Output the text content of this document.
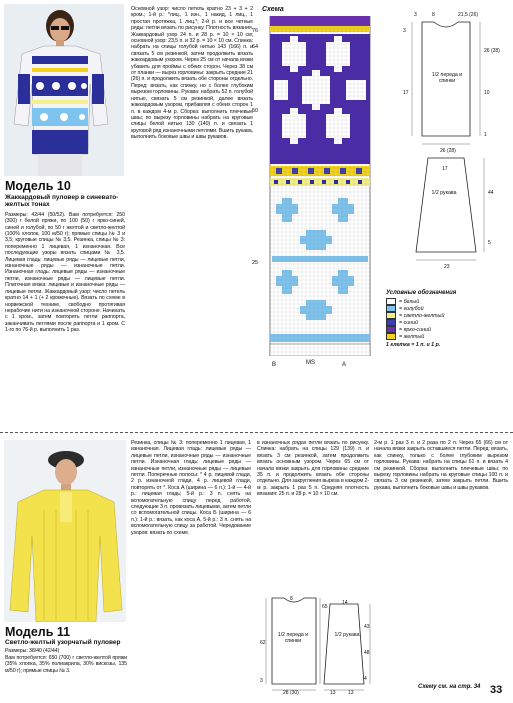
Модель 10
Жаккардовый пуловер в синевато-желтых тонах
Размеры: 42/44 (50/52). Вам потребуется: 250 (300) г белой пряжи, по 100 (50) г ярко-синей, синей и голубой, по 50 г желтой и светло-желтой (100% хлопок, 100 м/50 г); прямые спицы № 3 и 3,5; круговые спицы № 3,5. Резинка, спицы № 3: попеременно 1 лицевая, 1 изнаночная. Все последующие узоры вязать спицами № 3,5. Лицевая гладь: лицевые ряды — лицевые петли, изнаночные ряды — изнаночные петли. Изнаночная гладь: лицевые ряды — изнаночные петли, изнаночные ряды — лицевые петли. Платочная вязка: лицевые и изнаночные ряды — лицевые петли. Жаккардовый узор: число петель кратно 14 + 1 (+ 2 кромочные). Вязать по схеме в норвежской технике, свободно протягивая нерабочие нити на изнаночной стороне. Начинать с 1 кром., затем повторять петли раппорта, заканчивать петлями после раппорта и 1 кром. С 1-го по 76-й р. выполнить 1 раз.
Основной узор: число петель кратно 23 + 3 + 2 кром.; 1-й р.: *лиц., 1 изн., 1 накид, 1 лиц., 1 простая протяжка, 1 лиц.*; 2-й р. и все четные ряды: петли вязать по рисунку. Плотность вязания. Жаккардовый узор 24 п. и 28 р. = 10 × 10 см; основной узор: 23,5 п. и 32 р. = 10 × 10 см. Спинка: набрать на спицы голубой нитью 143 (166) п. и связать 5 см резинкой, затем продолжить вязать жаккардовым узором. Через 25 см от начала вязки убавить для проймы с обеих сторон. Через 38 см от планки — вырез горловины: закрыть средние 21 (26) п. и продолжить вязать обе стороны отдельно. Перед: вязать, как спинку, но с более глубоким вырезом горловины. Рукава: набрать 52 п. голубой нитью, связать 5 см резинкой, далее вязать жаккардовым узором, прибавляя с обеих сторон 1 п. в каждом 4-м р. Сборка: выполнить плечевые швы; по вырезу горловины набрать на круговые спицы белой нитью 130 (140) п. и связать 1 круговой ряд изнаночными петлями. Вшить рукава, выполнить боковые швы и швы рукавов.
Схема
76
64
50
25
B	MS	A
3	8	21,5 (26)
26 (28)
10
1
3
17
1/2 переда и спинки
26 (28)
17
1/2 рукава	44
5
23
Условные обозначения
= белый
= голубой
= светло-желтый
= синий
= ярко-синий
= желтый
1 клетка = 1 п. и 1 р.
Модель 11
Светло-желтый узорчатый пуловер
Размеры: 38/40 (42/44)
Вам потребуется: 650 (700) г светло-желтой пряжи (35% хлопка, 35% полиакрила, 30% вискозы, 135 м/50 г); прямые спицы № 3.
Резинка, спицы № 3: попеременно 1 лицевая, 1 изнаночная. Лицевая гладь: лицевые ряды — лицевые петли, изнаночные ряды — изнаночные петли. Изнаночная гладь: лицевые ряды — изнаночные петли, изнаночные ряды — лицевые петли. Поперечные полосы: * 4 р. лицевой глади, 2 р. изнаночной глади, 4 р. лицевой глади, повторять от *. Коса А (ширина — 6 п.): 1-й — 4-й р.: лицевая гладь; 5-й р.: 3 п. снять на вспомогательную спицу перед работой, следующие 3 п. провязать лицевыми, затем петли со вспомогательной спицы. Коса Б (ширина — 6 п.): 1-й р.: вязать, как коса А, 5-й р.: 3 п. снять на вспомогательную спицу за работой. Чередование узоров: вязать по схеме.
в изнаночных рядах петли вязать по рисунку. Спинка: набрать на спицы 129 (139) п. и вязать 3 см резинкой, затем продолжить вязать основным узором. Через 65 см от начала вязки закрыть для горловины средние 35 п. и продолжить вязать обе стороны отдельно. Для закругления выреза в каждом 2-м р. закрыть 1 раз 5 п. Средняя плотность вязания: 25 п. и 28 р. = 10 × 10 см.
2-м р. 1 раз 3 п. и 2 раза по 2 п. Через 65 (66) см от начала вязки закрыть оставшиеся петли. Перед: вязать, как спинку, только с более глубоким вырезом горловины. Рукава: набрать на спицы 61 п. и вязать 4 см резинкой. Сборка: выполнить плечевые швы; по вырезу горловины набрать на круговые спицы 100 п. и связать 3 см резинкой, затем закрыть петли. Вшить рукава, выполнить боковые швы и швы рукавов.
Схему см. на стр. 34
1/2 переда и спинки
1/2 рукава
65
62
8
43
48
4
3
14
28 (30)	13 13	33
